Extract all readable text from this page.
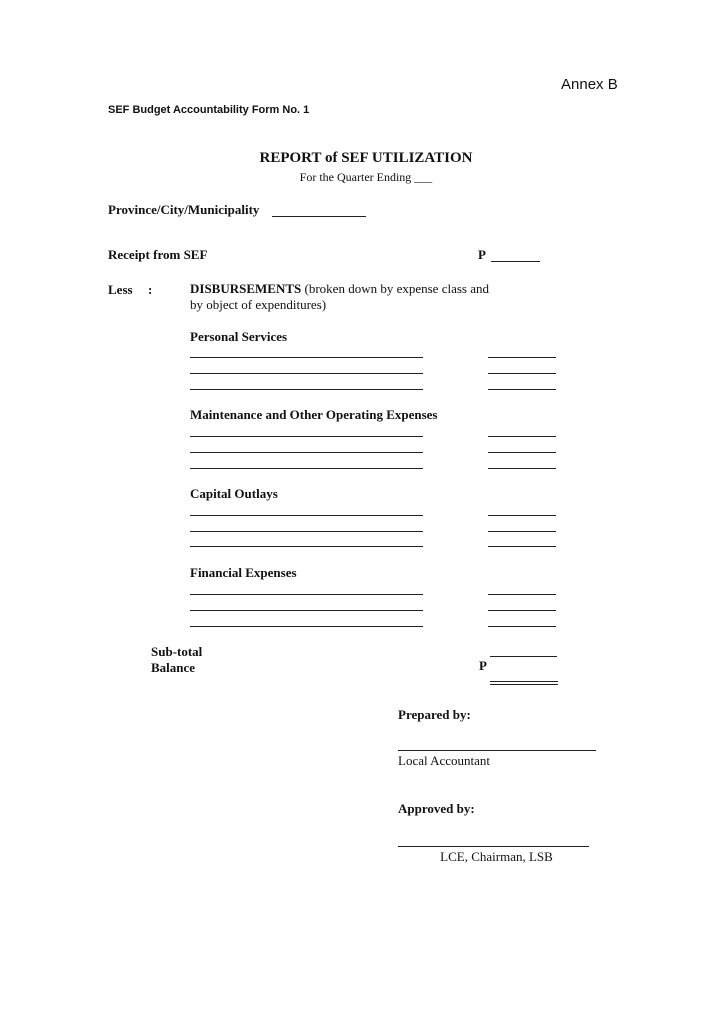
Annex B
SEF Budget Accountability Form No. 1
REPORT of SEF UTILIZATION
For the Quarter Ending ___
Province/City/Municipality
Receipt from SEF	P
Less :	DISBURSEMENTS (broken down by expense class and
by object of expenditures)
Personal Services
Maintenance and Other Operating Expenses
Capital Outlays
Financial Expenses
Sub-total
Balance	P
Prepared by:
Local Accountant
Approved by:
LCE, Chairman, LSB
